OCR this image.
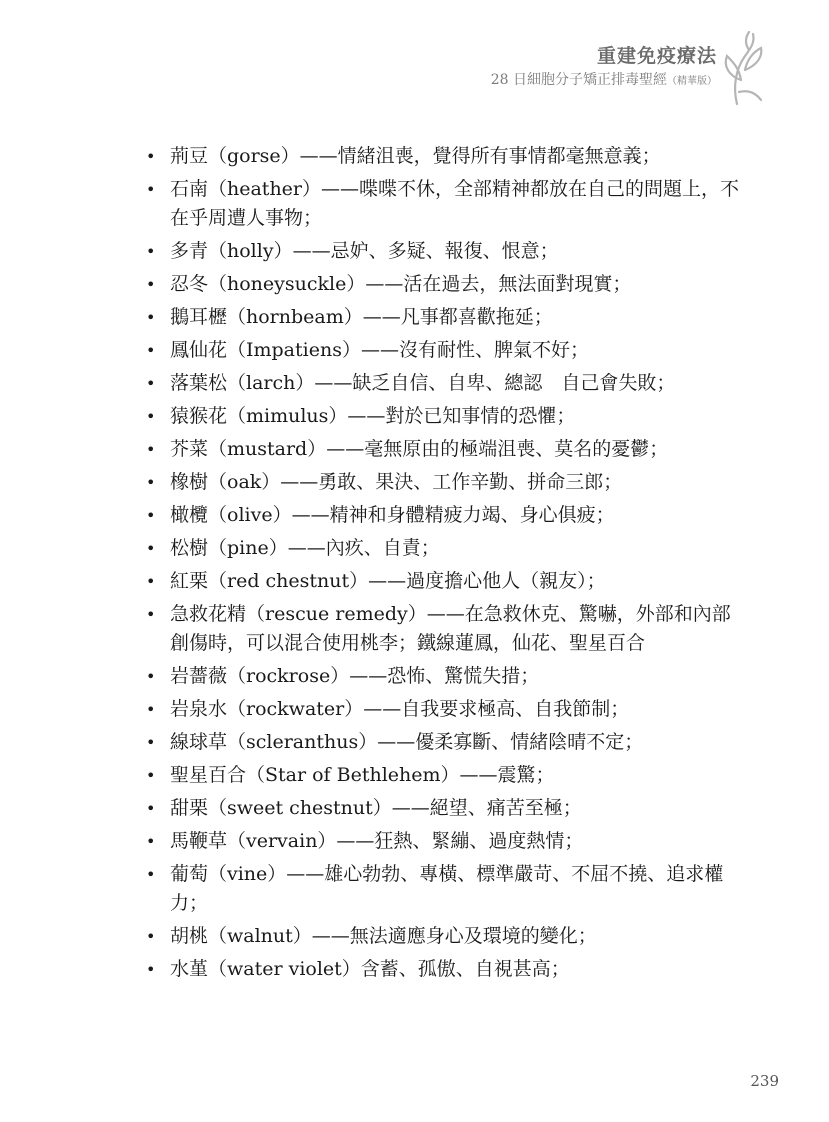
重建免疫療法
28 日細胞分子矯正排毒聖經（精華版）
• 荊豆（gorse）——情緒沮喪，覺得所有事情都毫無意義；
• 石南（heather）——喋喋不休，全部精神都放在自己的問題上，不在乎周遭人事物；
• 多青（holly）——忌妒、多疑、報復、恨意；
• 忍冬（honeysuckle）——活在過去，無法面對現實；
• 鵝耳櫪（hornbeam）——凡事都喜歡拖延；
• 鳳仙花（Impatiens）——沒有耐性、脾氣不好；
• 落葉松（larch）——缺乏自信、自卑、總認　自己會失敗；
• 猿猴花（mimulus）——對於已知事情的恐懼；
• 芥菜（mustard）——毫無原由的極端沮喪、莫名的憂鬱；
• 橡樹（oak）——勇敢、果決、工作辛勤、拼命三郎；
• 橄欖（olive）——精神和身體精疲力竭、身心俱疲；
• 松樹（pine）——內疚、自責；
• 紅栗（red chestnut）——過度擔心他人（親友）；
• 急救花精（rescue remedy）——在急救休克、驚嚇，外部和內部創傷時，可以混合使用桃李；鐵線蓮鳳，仙花、聖星百合
• 岩薔薇（rockrose）——恐怖、驚慌失措；
• 岩泉水（rockwater）——自我要求極高、自我節制；
• 線球草（scleranthus）——優柔寡斷、情緒陰晴不定；
• 聖星百合（Star of Bethlehem）——震驚；
• 甜栗（sweet chestnut）——絕望、痛苦至極；
• 馬鞭草（vervain）——狂熱、緊繃、過度熱情；
• 葡萄（vine）——雄心勃勃、專橫、標準嚴苛、不屈不撓、追求權力；
• 胡桃（walnut）——無法適應身心及環境的變化；
• 水堇（water violet）含蓄、孤傲、自視甚高；
239
